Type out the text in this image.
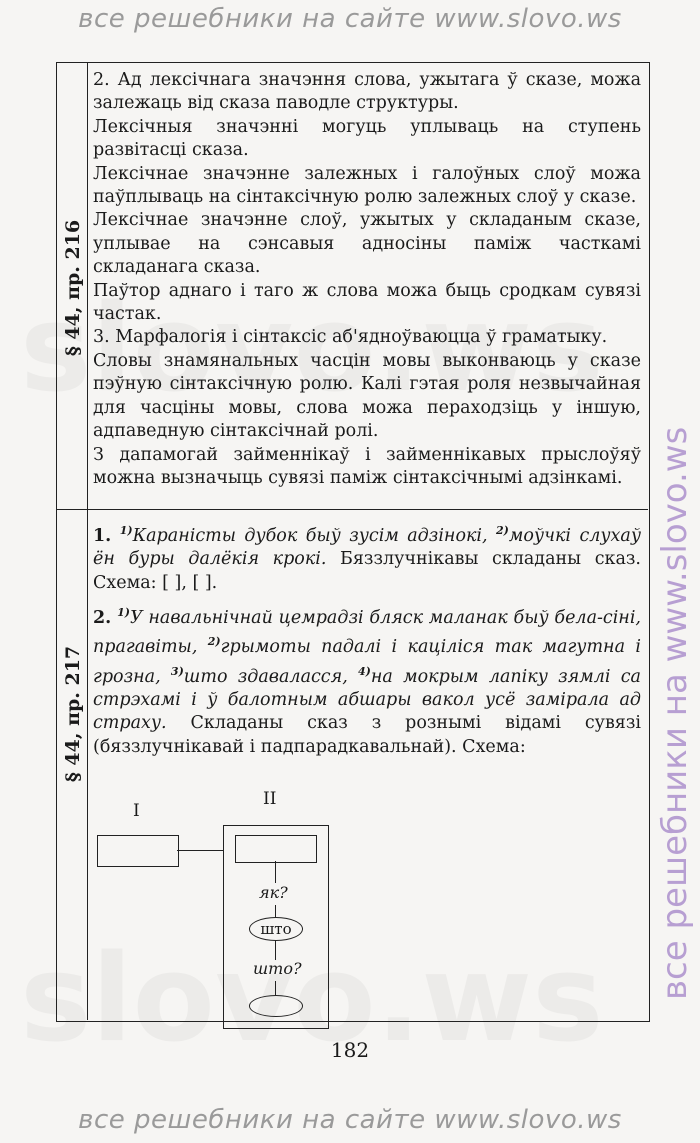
все решебники на сайте www.slovo.ws
§ 44, пр. 216

2. Ад лексічнага значэння слова, ужытага ў сказе, можа залежаць від сказа паводле структуры.

Лексічныя значэнні могуць уплываць на ступень развітасці сказа.

Лексічнае значэнне залежных і галоўных слоў можа паўплываць на сінтаксічную ролю залежных слоў у сказе.

Лексічнае значэнне слоў, ужытых у складаным сказе, уплывае на сэнсавыя адносіны паміж часткамі складанага сказа.

Паўтор аднаго і таго ж слова можа быць сродкам сувязі частак.

3. Марфалогія і сінтаксіс аб'ядноўваюцца ў граматыку.

Словы знамянальных часцін мовы выконваюць у сказе пэўную сінтаксічную ролю. Калі гэтая роля незвычайная для часціны мовы, слова можа пераходзіць у іншую, адпаведную сінтаксічнай ролі.

З дапамогай займеннікаў і займеннікавых прыслоўяў можна вызначыць сувязі паміж сінтаксічнымі адзінкамі.

§ 44, пр. 217

1. $^{1)}$Караністы дубок быў зусім адзінокі, $^{2)}$моўчкі слухаў ён буры далёкія крокі. Бяззлучнікавы складаны сказ. Схема: [ ], [ ].

2. $^{1)}$У навальнічнай цемрадзі бляск маланак быў бела-сіні, прагавіты, $^{2)}$грымоты падалі і каціліся так магутна і грозна, $^{3)}$што здаваласся, $^{4)}$на мокрым лапіку зямлі са стрэхамі і ў балотным абшары вакол усё замірала ад страху. Складаны сказ з рознымі відамі сувязі (бяззлучнікавай і падпарадкавальнай). Схема:

I
II
як?
што
што?	все решебники на www.slovo.ws
182
все решебники на сайте www.slovo.ws
